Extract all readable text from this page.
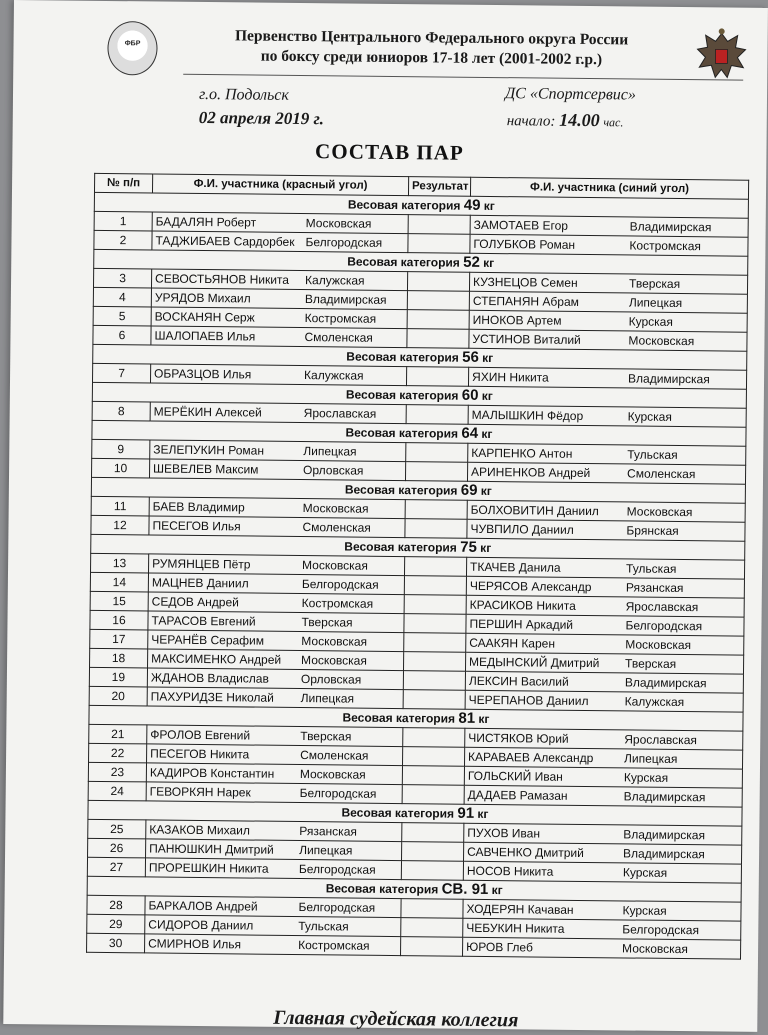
ФБР	Первенство Центрального Федерального округа России
по боксу среди юниоров 17-18 лет (2001-2002 г.р.)
г.о. Подольск
02 апреля 2019 г.
ДС «Спортсервис»
начало: 14.00 час.
СОСТАВ ПАР
№ п/п	Ф.И. участника (красный угол)	Результат	Ф.И. участника (синий угол)
Весовая категория 49 кг			
1	БАДАЛЯН Роберт Московская		ЗАМОТАЕВ Егор Владимирская
2	ТАДЖИБАЕВ Сардорбек Белгородская		ГОЛУБКОВ Роман Костромская
Весовая категория 52 кг			
3	СЕВОСТЬЯНОВ Никита Калужская		КУЗНЕЦОВ Семен Тверская
4	УРЯДОВ Михаил Владимирская		СТЕПАНЯН Абрам Липецкая
5	ВОСКАНЯН Серж Костромская		ИНОКОВ Артем Курская
6	ШАЛОПАЕВ Илья Смоленская		УСТИНОВ Виталий Московская
Весовая категория 56 кг			
7	ОБРАЗЦОВ Илья Калужская		ЯХИН Никита Владимирская
Весовая категория 60 кг			
8	МЕРЁКИН Алексей Ярославская		МАЛЫШКИН Фёдор Курская
Весовая категория 64 кг			
9	ЗЕЛЕПУКИН Роман Липецкая		КАРПЕНКО Антон Тульская
10	ШЕВЕЛЕВ Максим Орловская		АРИНЕНКОВ Андрей Смоленская
Весовая категория 69 кг			
11	БАЕВ Владимир Московская		БОЛХОВИТИН Даниил Московская
12	ПЕСЕГОВ Илья Смоленская		ЧУВПИЛО Даниил Брянская
Весовая категория 75 кг			
13	РУМЯНЦЕВ Пётр Московская		ТКАЧЕВ Данила Тульская
14	МАЦНЕВ Даниил Белгородская		ЧЕРЯСОВ Александр Рязанская
15	СЕДОВ Андрей Костромская		КРАСИКОВ Никита Ярославская
16	ТАРАСОВ Евгений Тверская		ПЕРШИН Аркадий Белгородская
17	ЧЕРАНЁВ Серафим Московская		СААКЯН Карен Московская
18	МАКСИМЕНКО Андрей Московская		МЕДЫНСКИЙ Дмитрий Тверская
19	ЖДАНОВ Владислав Орловская		ЛЕКСИН Василий Владимирская
20	ПАХУРИДЗЕ Николай Липецкая		ЧЕРЕПАНОВ Даниил Калужская
Весовая категория 81 кг			
21	ФРОЛОВ Евгений Тверская		ЧИСТЯКОВ Юрий Ярославская
22	ПЕСЕГОВ Никита Смоленская		КАРАВАЕВ Александр Липецкая
23	КАДИРОВ Константин Московская		ГОЛЬСКИЙ Иван Курская
24	ГЕВОРКЯН Нарек Белгородская		ДАДАЕВ Рамазан Владимирская
Весовая категория 91 кг			
25	КАЗАКОВ Михаил Рязанская		ПУХОВ Иван Владимирская
26	ПАНЮШКИН Дмитрий Липецкая		САВЧЕНКО Дмитрий Владимирская
27	ПРОРЕШКИН Никита Белгородская		НОСОВ Никита Курская
Весовая категория СВ. 91 кг			
28	БАРКАЛОВ Андрей Белгородская		ХОДЕРЯН Качаван Курская
29	СИДОРОВ Даниил Тульская		ЧЕБУКИН Никита Белгородская
30	СМИРНОВ Илья Костромская		ЮРОВ Глеб Московская
Главная судейская коллегия
